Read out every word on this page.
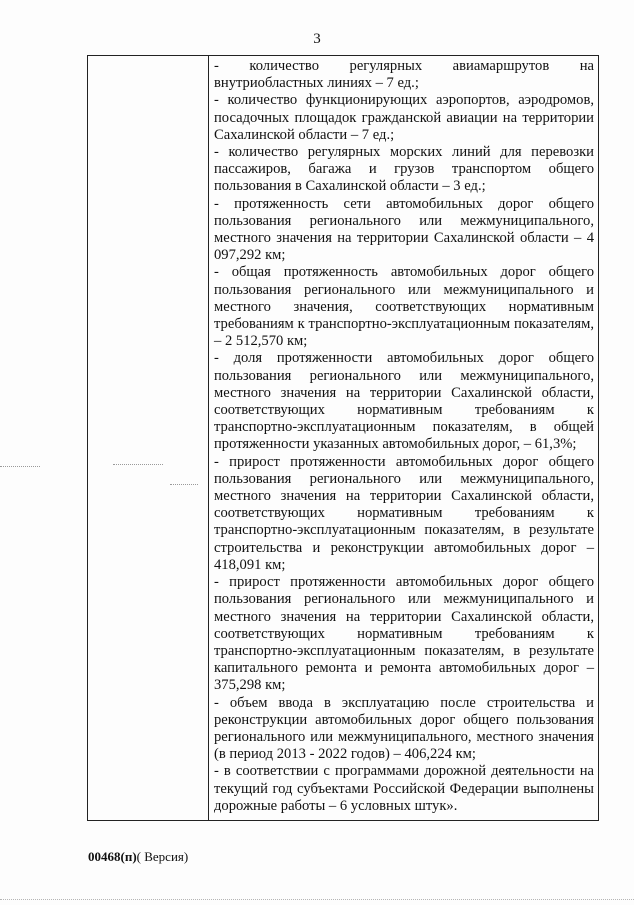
3

- количество регулярных авиамаршрутов на внутриобластных линиях – 7 ед.;

- количество функционирующих аэропортов, аэродромов, посадочных площадок гражданской авиации на территории Сахалинской области – 7 ед.;

- количество регулярных морских линий для перевозки пассажиров, багажа и грузов транспортом общего пользования в Сахалинской области – 3 ед.;

- протяженность сети автомобильных дорог общего пользования регионального или межмуниципального, местного значения на территории Сахалинской области – 4 097,292 км;

- общая протяженность автомобильных дорог общего пользования регионального или межмуниципального и местного значения, соответствующих нормативным требованиям к транспортно-эксплуатационным показателям, – 2 512,570 км;

- доля протяженности автомобильных дорог общего пользования регионального или межмуниципального, местного значения на территории Сахалинской области, соответствующих нормативным требованиям к транспортно-эксплуатационным показателям, в общей протяженности указанных автомобильных дорог, – 61,3%;

- прирост протяженности автомобильных дорог общего пользования регионального или межмуниципального, местного значения на территории Сахалинской области, соответствующих нормативным требованиям к транспортно-эксплуатационным показателям, в результате строительства и реконструкции автомобильных дорог – 418,091 км;

- прирост протяженности автомобильных дорог общего пользования регионального или межмуниципального и местного значения на территории Сахалинской области, соответствующих нормативным требованиям к транспортно-эксплуатационным показателям, в результате капитального ремонта и ремонта автомобильных дорог – 375,298 км;

- объем ввода в эксплуатацию после строительства и реконструкции автомобильных дорог общего пользования регионального или межмуниципального, местного значения (в период 2013 - 2022 годов) – 406,224 км;

- в соответствии с программами дорожной деятельности на текущий год субъектами Российской Федерации выполнены дорожные работы – 6 условных штук».

00468(п)( Версия)
